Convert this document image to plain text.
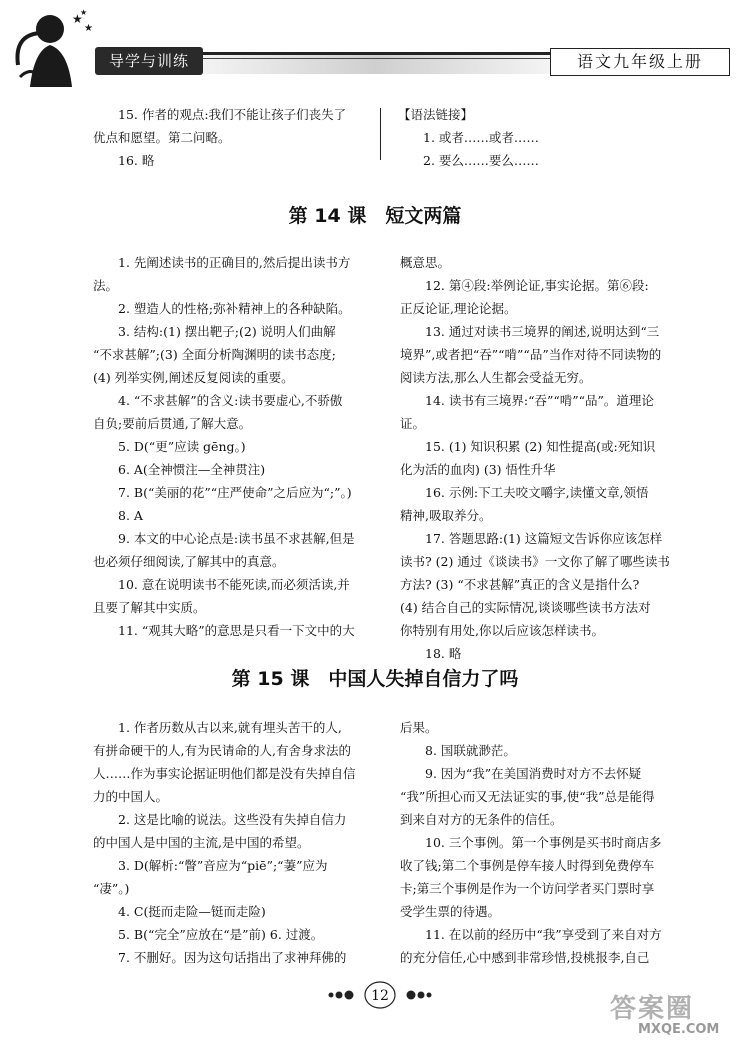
★
★
★
导学与训练	语文九年级上册

15. 作者的观点:我们不能让孩子们丧失了

优点和愿望。第二问略。

16. 略

【语法链接】

1. 或者……或者……

2. 要么……要么……

第 14 课　短文两篇

1. 先阐述读书的正确目的,然后提出读书方

法。

2. 塑造人的性格;弥补精神上的各种缺陷。

3. 结构:(1) 摆出靶子;(2) 说明人们曲解

“不求甚解”;(3) 全面分析陶渊明的读书态度;

(4) 列举实例,阐述反复阅读的重要。

4. “不求甚解”的含义:读书要虚心,不骄傲

自负;要前后贯通,了解大意。

5. D(“更”应读 gēng。)

6. A(全神惯注—全神贯注)

7. B(“美丽的花”“庄严使命”之后应为“;”。)

8. A

9. 本文的中心论点是:读书虽不求甚解,但是

也必须仔细阅读,了解其中的真意。

10. 意在说明读书不能死读,而必须活读,并

且要了解其中实质。

11. “观其大略”的意思是只看一下文中的大

概意思。

12. 第④段:举例论证,事实论据。第⑥段:

正反论证,理论论据。

13. 通过对读书三境界的阐述,说明达到“三

境界”,或者把“吞”“啃”“品”当作对待不同读物的

阅读方法,那么人生都会受益无穷。

14. 读书有三境界:“吞”“啃”“品”。道理论证。

15. (1) 知识积累 (2) 知性提高(或:死知识

化为活的血肉) (3) 悟性升华

16. 示例:下工夫咬文嚼字,读懂文章,领悟

精神,吸取养分。

17. 答题思路:(1) 这篇短文告诉你应该怎样

读书? (2) 通过《谈读书》一文你了解了哪些读书

方法? (3) “不求甚解”真正的含义是指什么?

(4) 结合自己的实际情况,谈谈哪些读书方法对

你特别有用处,你以后应该怎样读书。

18. 略

第 15 课　中国人失掉自信力了吗

1. 作者历数从古以来,就有埋头苦干的人,

有拼命硬干的人,有为民请命的人,有舍身求法的

人……作为事实论据证明他们都是没有失掉自信

力的中国人。

2. 这是比喻的说法。这些没有失掉自信力

的中国人是中国的主流,是中国的希望。

3. D(解析:“瞥”音应为“piē”;“萋”应为

“凄”。)

4. C(挺而走险—铤而走险)

5. B(“完全”应放在“是”前) 6. 过渡。

7. 不删好。因为这句话指出了求神拜佛的

后果。

8. 国联就渺茫。

9. 因为“我”在美国消费时对方不去怀疑

“我”所担心而又无法证实的事,使“我”总是能得

到来自对方的无条件的信任。

10. 三个事例。第一个事例是买书时商店多

收了钱;第二个事例是停车接人时得到免费停车

卡;第三个事例是作为一个访问学者买门票时享

受学生票的待遇。

11. 在以前的经历中“我”享受到了来自对方

的充分信任,心中感到非常珍惜,投桃报李,自己

12	答案圈
MXQE.COM
